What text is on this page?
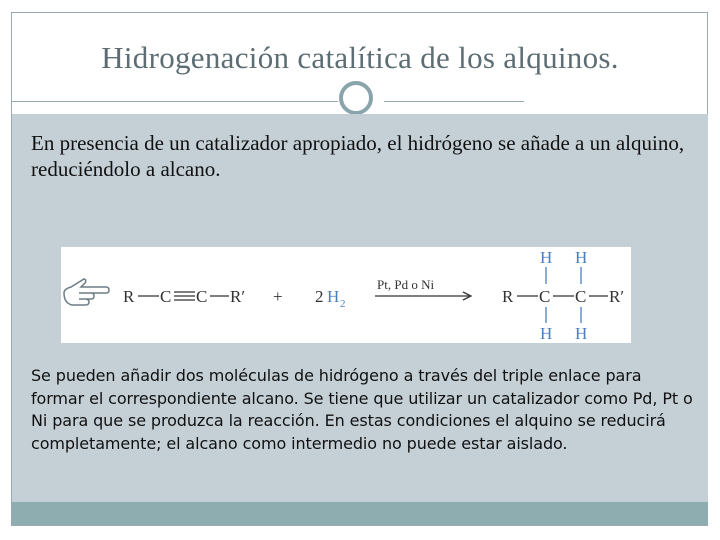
Hidrogenación catalítica de los alquinos.
En presencia de un catalizador apropiado, el hidrógeno se añade a un alquino, reduciéndolo a alcano.
R C C R′ + 2 H 2
Pt, Pd o Ni
R C C R′
H H
H H
Se pueden añadir dos moléculas de hidrógeno a través del triple enlace para formar el correspondiente alcano. Se tiene que utilizar un catalizador como Pd, Pt o Ni para que se produzca la reacción. En estas condiciones el alquino se reducirá completamente; el alcano como intermedio no puede estar aislado.
